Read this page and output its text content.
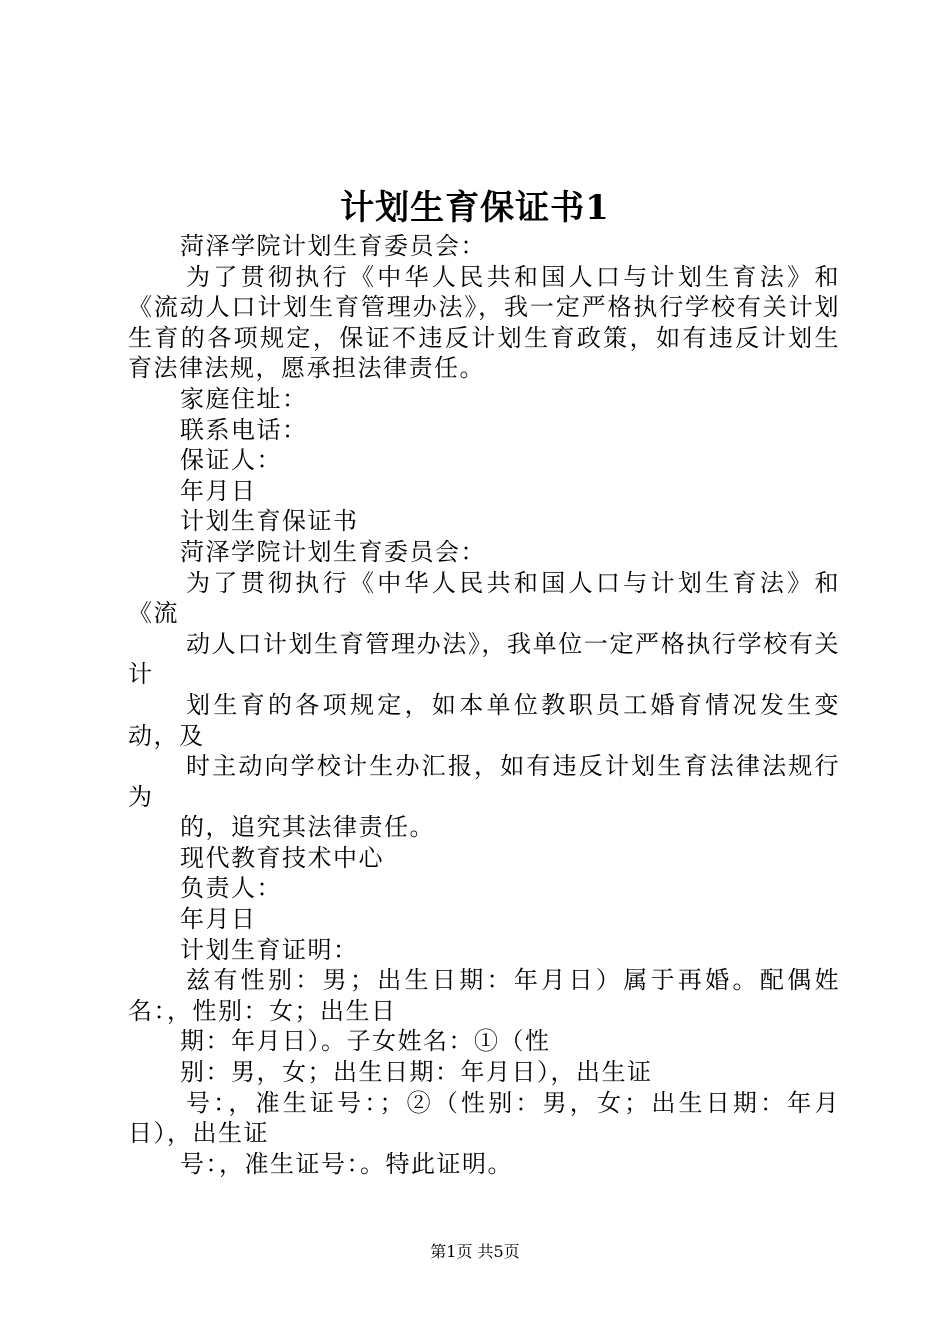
计划生育保证书1

菏泽学院计划生育委员会：

为了贯彻执行《中华人民共和国人口与计划生育法》和《流动人口计划生育管理办法》，我一定严格执行学校有关计划生育的各项规定，保证不违反计划生育政策，如有违反计划生育法律法规，愿承担法律责任。

家庭住址：

联系电话：

保证人：

年月日

计划生育保证书

菏泽学院计划生育委员会：

为了贯彻执行《中华人民共和国人口与计划生育法》和《流

动人口计划生育管理办法》，我单位一定严格执行学校有关计

划生育的各项规定，如本单位教职员工婚育情况发生变动，及

时主动向学校计生办汇报，如有违反计划生育法律法规行为

的，追究其法律责任。

现代教育技术中心

负责人：

年月日

计划生育证明：

兹有性别：男；出生日期：年月日）属于再婚。配偶姓名：，性别：女；出生日

期：年月日）。子女姓名：①（性

别：男，女；出生日期：年月日），出生证

号：，准生证号：；②（性别：男，女；出生日期：年月日），出生证

号：，准生证号：。特此证明。

第1页 共5页
